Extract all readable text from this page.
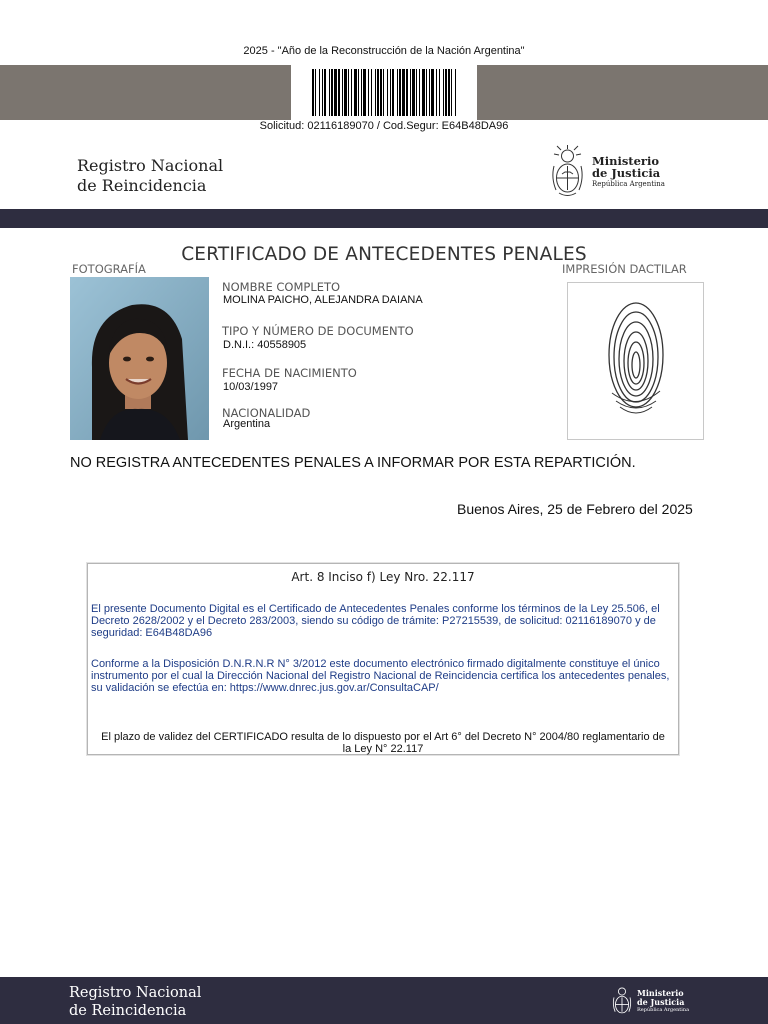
2025 - "Año de la Reconstrucción de la Nación Argentina"
Solicitud: 02116189070 / Cod.Segur: E64B48DA96
Registro Nacional
de Reincidencia
Ministerio
de Justicia
República Argentina
CERTIFICADO DE ANTECEDENTES PENALES
FOTOGRAFÍA	IMPRESIÓN DACTILAR
NOMBRE COMPLETO
MOLINA PAICHO, ALEJANDRA DAIANA
TIPO Y NÚMERO DE DOCUMENTO
D.N.I.: 40558905
FECHA DE NACIMIENTO
10/03/1997
NACIONALIDAD
Argentina
NO REGISTRA ANTECEDENTES PENALES A INFORMAR POR ESTA REPARTICIÓN.
Buenos Aires, 25 de Febrero del 2025
Art. 8 Inciso f) Ley Nro. 22.117
El presente Documento Digital es el Certificado de Antecedentes Penales conforme los términos de la Ley 25.506, el Decreto 2628/2002 y el Decreto 283/2003, siendo su código de trámite: P27215539, de solicitud: 02116189070 y de seguridad: E64B48DA96
Conforme a la Disposición D.N.R.N.R N° 3/2012 este documento electrónico firmado digitalmente constituye el único instrumento por el cual la Dirección Nacional del Registro Nacional de Reincidencia certifica los antecedentes penales, su validación se efectúa en: https://www.dnrec.jus.gov.ar/ConsultaCAP/
El plazo de validez del CERTIFICADO resulta de lo dispuesto por el Art 6° del Decreto N° 2004/80 reglamentario de la Ley N° 22.117
Registro Nacional
de Reincidencia
Ministerio
de Justicia
República Argentina
